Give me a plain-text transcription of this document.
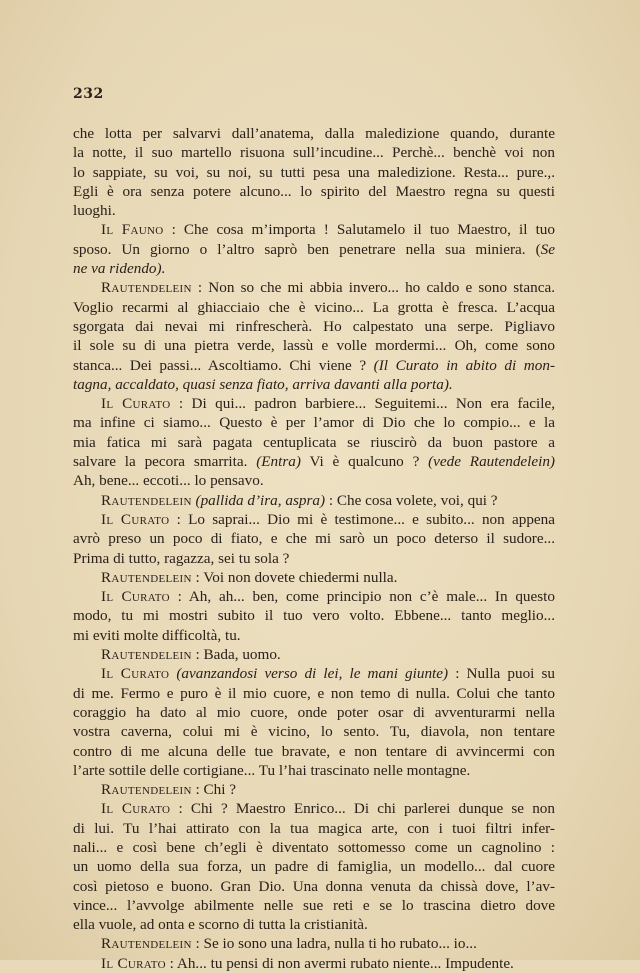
232
che lotta per salvarvi dall’anatema, dalla maledizione quando, durante
la notte, il suo martello risuona sull’incudine... Perchè... benchè voi non
lo sappiate, su voi, su noi, su tutti pesa una maledizione. Resta... pure.,.
Egli è ora senza potere alcuno... lo spirito del Maestro regna su questi
luoghi.
Il Fauno : Che cosa m’importa ! Salutamelo il tuo Maestro, il tuo
sposo. Un giorno o l’altro saprò ben penetrare nella sua miniera. (Se
ne va ridendo).
Rautendelein : Non so che mi abbia invero... ho caldo e sono stanca.
Voglio recarmi al ghiacciaio che è vicino... La grotta è fresca. L’acqua
sgorgata dai nevai mi rinfrescherà. Ho calpestato una serpe. Pigliavo
il sole su di una pietra verde, lassù e volle mordermi... Oh, come sono
stanca... Dei passi... Ascoltiamo. Chi viene ? (Il Curato in abito di mon-
tagna, accaldato, quasi senza fiato, arriva davanti alla porta).
Il Curato : Di qui... padron barbiere... Seguitemi... Non era facile,
ma infine ci siamo... Questo è per l’amor di Dio che lo compio... e la
mia fatica mi sarà pagata centuplicata se riuscirò da buon pastore a
salvare la pecora smarrita. (Entra) Vi è qualcuno ? (vede Rautendelein)
Ah, bene... eccoti... lo pensavo.
Rautendelein (pallida d’ira, aspra) : Che cosa volete, voi, qui ?
Il Curato : Lo saprai... Dio mi è testimone... e subito... non appena
avrò preso un poco di fiato, e che mi sarò un poco deterso il sudore...
Prima di tutto, ragazza, sei tu sola ?
Rautendelein : Voi non dovete chiedermi nulla.
Il Curato : Ah, ah... ben, come principio non c’è male... In questo
modo, tu mi mostri subito il tuo vero volto. Ebbene... tanto meglio...
mi eviti molte difficoltà, tu.
Rautendelein : Bada, uomo.
Il Curato (avanzandosi verso di lei, le mani giunte) : Nulla puoi su
di me. Fermo e puro è il mio cuore, e non temo di nulla. Colui che tanto
coraggio ha dato al mio cuore, onde poter osar di avventurarmi nella
vostra caverna, colui mi è vicino, lo sento. Tu, diavola, non tentare
contro di me alcuna delle tue bravate, e non tentare di avvincermi con
l’arte sottile delle cortigiane... Tu l’hai trascinato nelle montagne.
Rautendelein : Chi ?
Il Curato : Chi ? Maestro Enrico... Di chi parlerei dunque se non
di lui. Tu l’hai attirato con la tua magica arte, con i tuoi filtri infer-
nali... e così bene ch’egli è diventato sottomesso come un cagnolino :
un uomo della sua forza, un padre di famiglia, un modello... dal cuore
così pietoso e buono. Gran Dio. Una donna venuta da chissà dove, l’av-
vince... l’avvolge abilmente nelle sue reti e se lo trascina dietro dove
ella vuole, ad onta e scorno di tutta la cristianità.
Rautendelein : Se io sono una ladra, nulla ti ho rubato... io...
Il Curato : Ah... tu pensi di non avermi rubato niente... Impudente.
